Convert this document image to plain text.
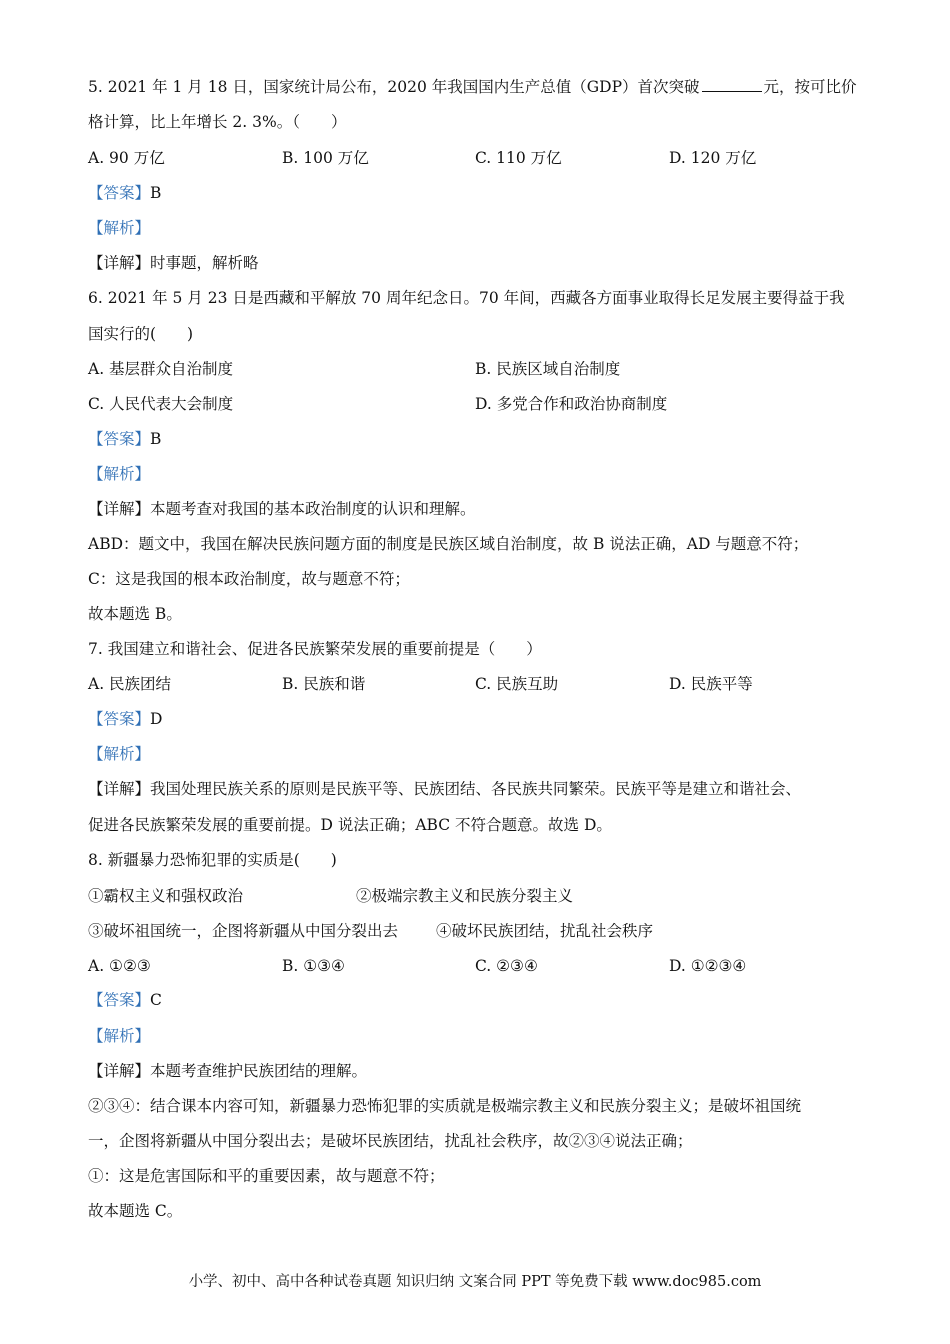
5. 2021 年 1 月 18 日，国家统计局公布，2020 年我国国内生产总值（GDP）首次突破	元，按可比价
格计算，比上年增长 2. 3%。（　　）
A. 90 万亿	B. 100 万亿	C. 110 万亿	D. 120 万亿
【答案】B
【解析】
【详解】时事题，解析略
6. 2021 年 5 月 23 日是西藏和平解放 70 周年纪念日。70 年间，西藏各方面事业取得长足发展主要得益于我
国实行的(　　)
A. 基层群众自治制度	B. 民族区域自治制度
C. 人民代表大会制度	D. 多党合作和政治协商制度
【答案】B
【解析】
【详解】本题考查对我国的基本政治制度的认识和理解。
ABD：题文中，我国在解决民族问题方面的制度是民族区域自治制度，故 B 说法正确，AD 与题意不符；
C：这是我国的根本政治制度，故与题意不符；
故本题选 B。
7. 我国建立和谐社会、促进各民族繁荣发展的重要前提是（　　）
A. 民族团结	B. 民族和谐	C. 民族互助	D. 民族平等
【答案】D
【解析】
【详解】我国处理民族关系的原则是民族平等、民族团结、各民族共同繁荣。民族平等是建立和谐社会、
促进各民族繁荣发展的重要前提。D 说法正确；ABC 不符合题意。故选 D。
8. 新疆暴力恐怖犯罪的实质是(　　)
①霸权主义和强权政治	②极端宗教主义和民族分裂主义
③破坏祖国统一，企图将新疆从中国分裂出去 ④破坏民族团结，扰乱社会秩序
A. ①②③	B. ①③④	C. ②③④	D. ①②③④
【答案】C
【解析】
【详解】本题考查维护民族团结的理解。
②③④：结合课本内容可知，新疆暴力恐怖犯罪的实质就是极端宗教主义和民族分裂主义；是破坏祖国统
一，企图将新疆从中国分裂出去；是破坏民族团结，扰乱社会秩序，故②③④说法正确；
①：这是危害国际和平的重要因素，故与题意不符；
故本题选 C。
小学、初中、高中各种试卷真题 知识归纳 文案合同 PPT 等免费下载 www.doc985.com
